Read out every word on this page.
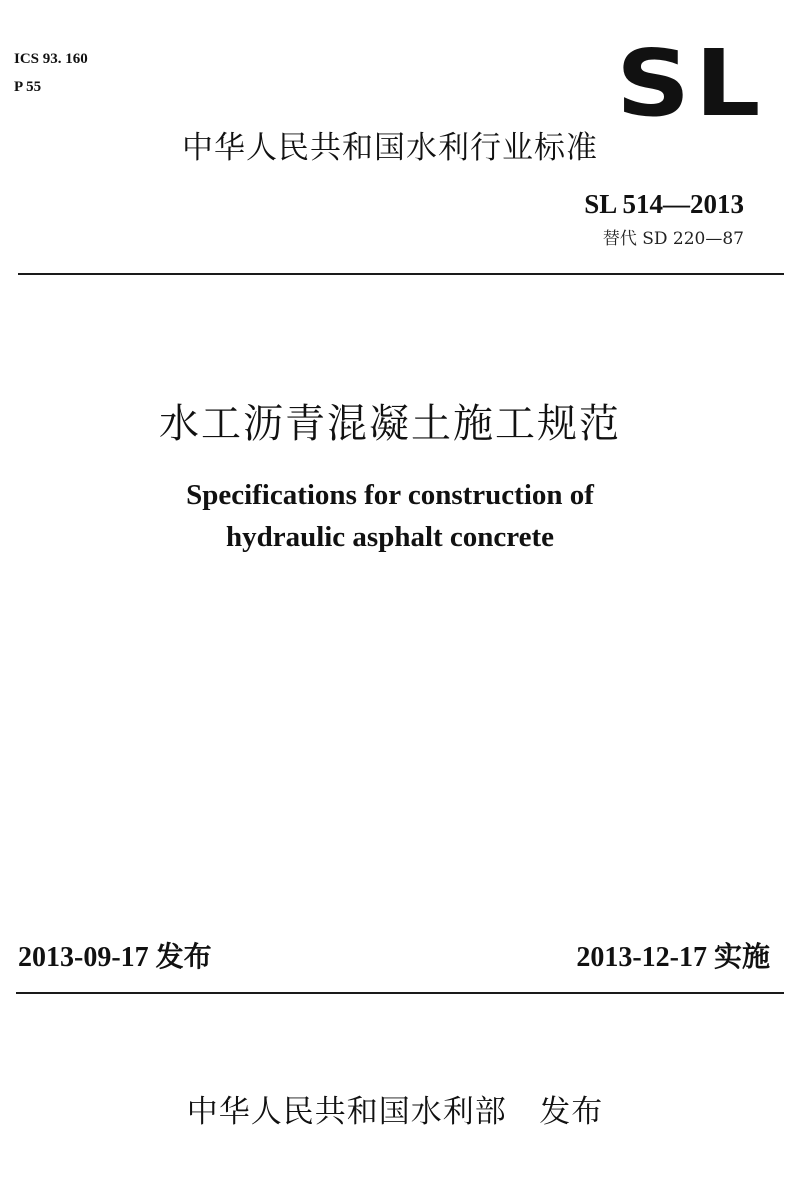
ICS 93. 160
P 55	SL
中华人民共和国水利行业标准
SL 514—2013
替代 SD 220—87
水工沥青混凝土施工规范
Specifications for construction of
hydraulic asphalt concrete
2013-09-17 发布	2013-12-17 实施
中华人民共和国水利部   发布
